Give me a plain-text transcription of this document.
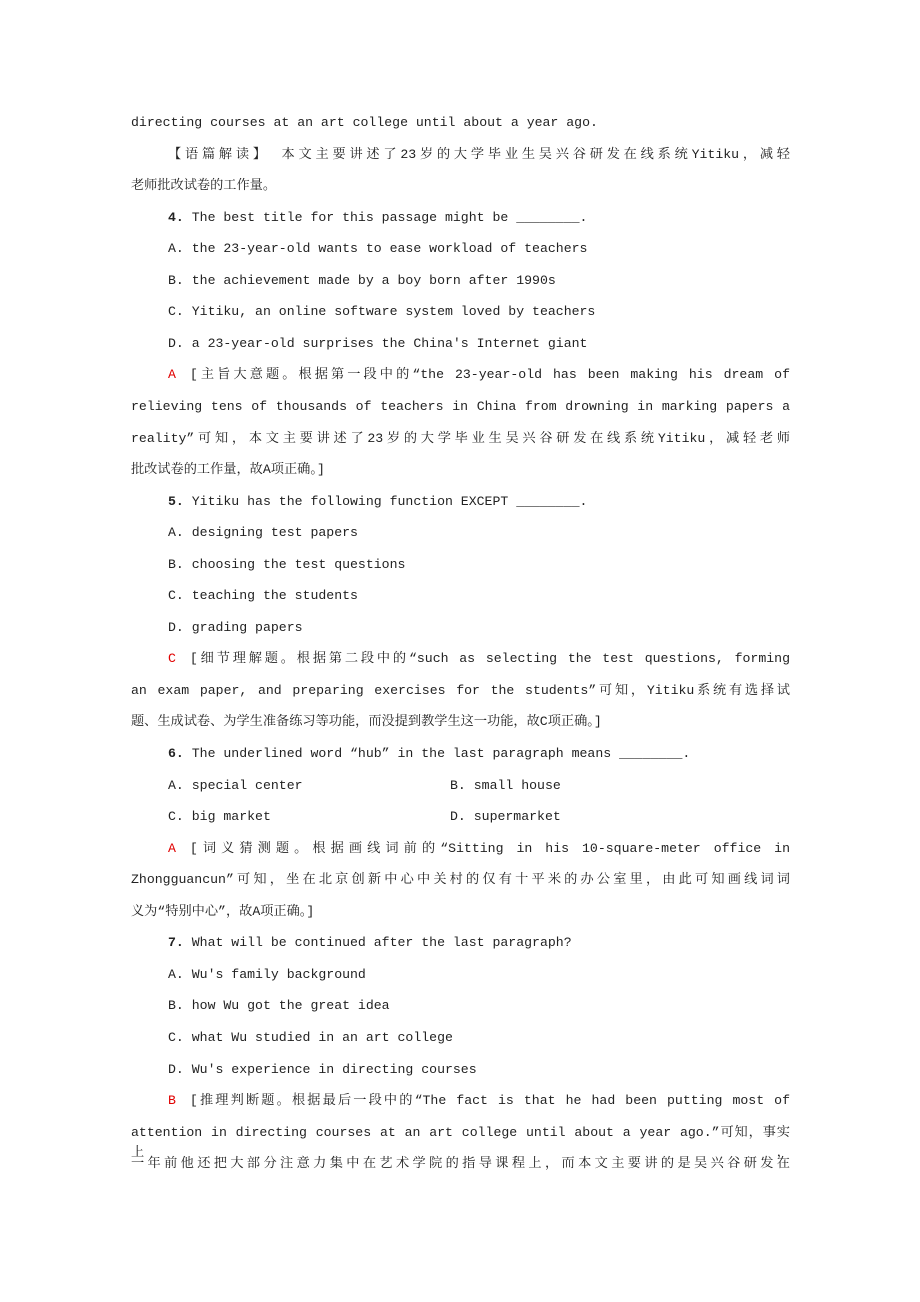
directing courses at an art college until about a year ago.
【语篇解读】 本文主要讲述了23岁的大学毕业生吴兴谷研发在线系统Yitiku，减轻
老师批改试卷的工作量。
4. The best title for this passage might be ________.
A. the 23-year-old wants to ease workload of teachers
B. the achievement made by a boy born after 1990s
C. Yitiku, an online software system loved by teachers
D. a 23-year-old surprises the China's Internet giant
A [主旨大意题。根据第一段中的“the 23-year-old has been making his dream of
relieving tens of thousands of teachers in China from drowning in marking papers a
reality”可知，本文主要讲述了23岁的大学毕业生吴兴谷研发在线系统Yitiku，减轻老师
批改试卷的工作量，故A项正确。]
5. Yitiku has the following function EXCEPT ________.
A. designing test papers
B. choosing the test questions
C. teaching the students
D. grading papers
C [细节理解题。根据第二段中的“such as selecting the test questions, forming
an exam paper, and preparing exercises for the students”可知，Yitiku系统有选择试
题、生成试卷、为学生准备练习等功能，而没提到教学生这一功能，故C项正确。]
6. The underlined word “hub” in the last paragraph means ________.
A. special center	B. small house
C. big market	D. supermarket
A [词义猜测题。根据画线词前的“Sitting in his 10-square-meter office in
Zhongguancun”可知，坐在北京创新中心中关村的仅有十平米的办公室里，由此可知画线词词
义为“特别中心”，故A项正确。]
7. What will be continued after the last paragraph?
A. Wu's family background
B. how Wu got the great idea
C. what Wu studied in an art college
D. Wu's experience in directing courses
B [推理判断题。根据最后一段中的“The fact is that he had been putting most of
attention in directing courses at an art college until about a year ago.”可知，事实上，
一年前他还把大部分注意力集中在艺术学院的指导课程上，而本文主要讲的是吴兴谷研发在
